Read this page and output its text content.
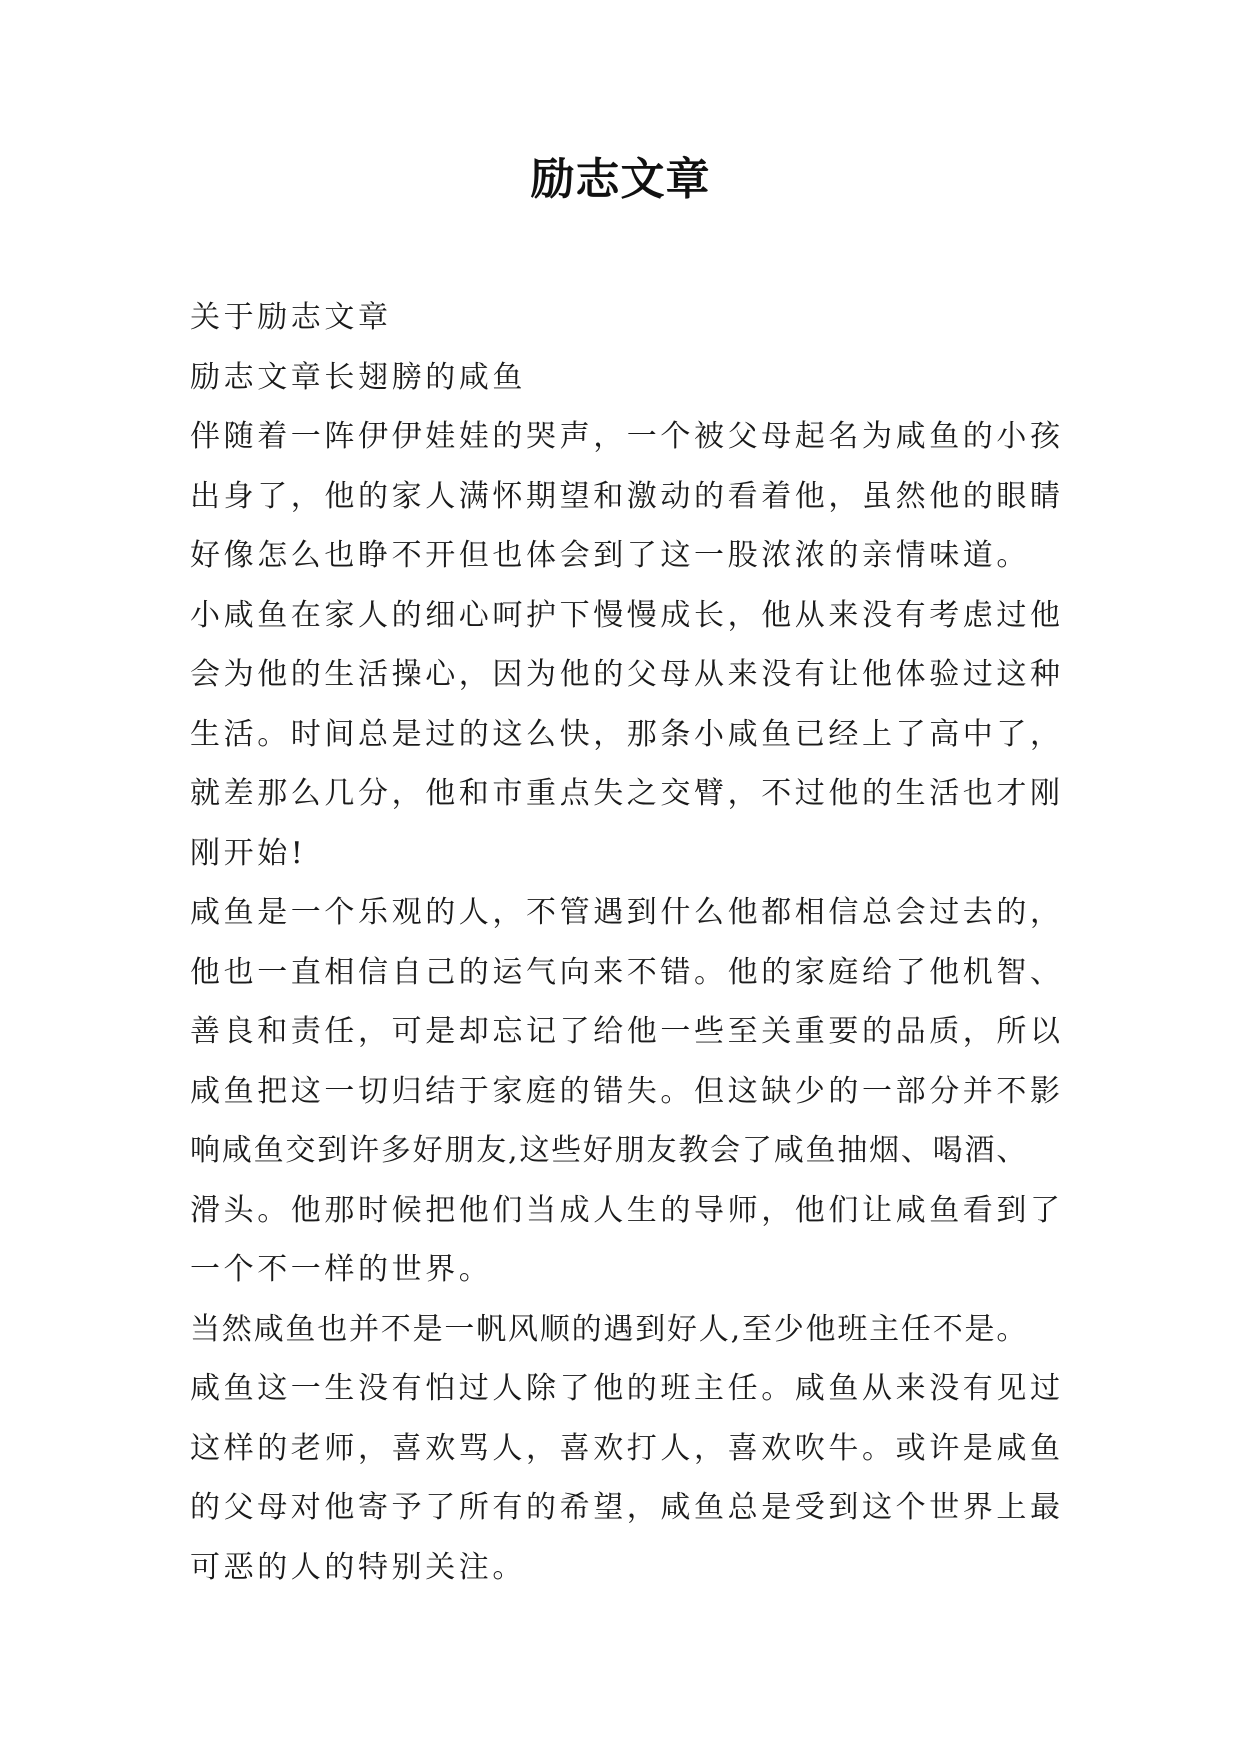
励志文章
关于励志文章
励志文章长翅膀的咸鱼
伴随着一阵伊伊娃娃的哭声，一个被父母起名为咸鱼的小孩
出身了，他的家人满怀期望和激动的看着他，虽然他的眼睛
好像怎么也睁不开但也体会到了这一股浓浓的亲情味道。
小咸鱼在家人的细心呵护下慢慢成长，他从来没有考虑过他
会为他的生活操心，因为他的父母从来没有让他体验过这种
生活。时间总是过的这么快，那条小咸鱼已经上了高中了，
就差那么几分，他和市重点失之交臂，不过他的生活也才刚
刚开始!
咸鱼是一个乐观的人，不管遇到什么他都相信总会过去的，
他也一直相信自己的运气向来不错。他的家庭给了他机智、
善良和责任，可是却忘记了给他一些至关重要的品质，所以
咸鱼把这一切归结于家庭的错失。但这缺少的一部分并不影
响咸鱼交到许多好朋友,这些好朋友教会了咸鱼抽烟、喝酒、
滑头。他那时候把他们当成人生的导师，他们让咸鱼看到了
一个不一样的世界。
当然咸鱼也并不是一帆风顺的遇到好人,至少他班主任不是。
咸鱼这一生没有怕过人除了他的班主任。咸鱼从来没有见过
这样的老师，喜欢骂人，喜欢打人，喜欢吹牛。或许是咸鱼
的父母对他寄予了所有的希望，咸鱼总是受到这个世界上最
可恶的人的特别关注。
